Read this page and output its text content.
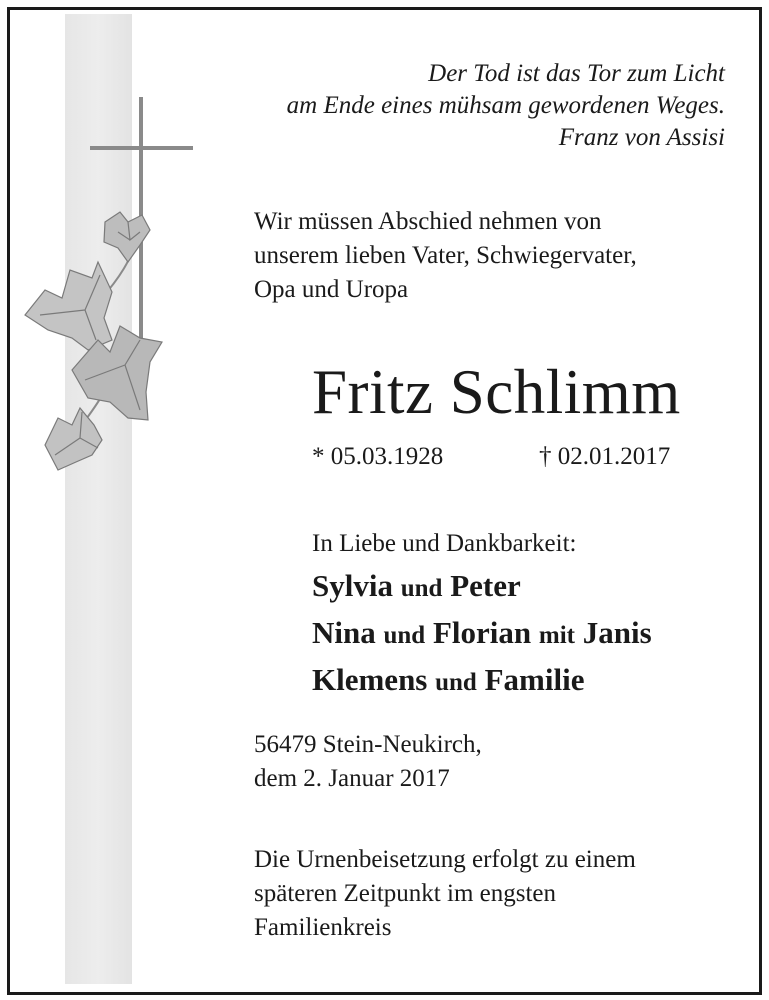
Der Tod ist das Tor zum Licht
am Ende eines mühsam gewordenen Weges.
Franz von Assisi
Wir müssen Abschied nehmen von
unserem lieben Vater, Schwiegervater,
Opa und Uropa
Fritz Schlimm
* 05.03.1928	† 02.01.2017
In Liebe und Dankbarkeit:
Sylvia und Peter
Nina und Florian mit Janis
Klemens und Familie
56479 Stein-Neukirch,
dem 2. Januar 2017
Die Urnenbeisetzung erfolgt zu einem
späteren Zeitpunkt im engsten
Familienkreis
